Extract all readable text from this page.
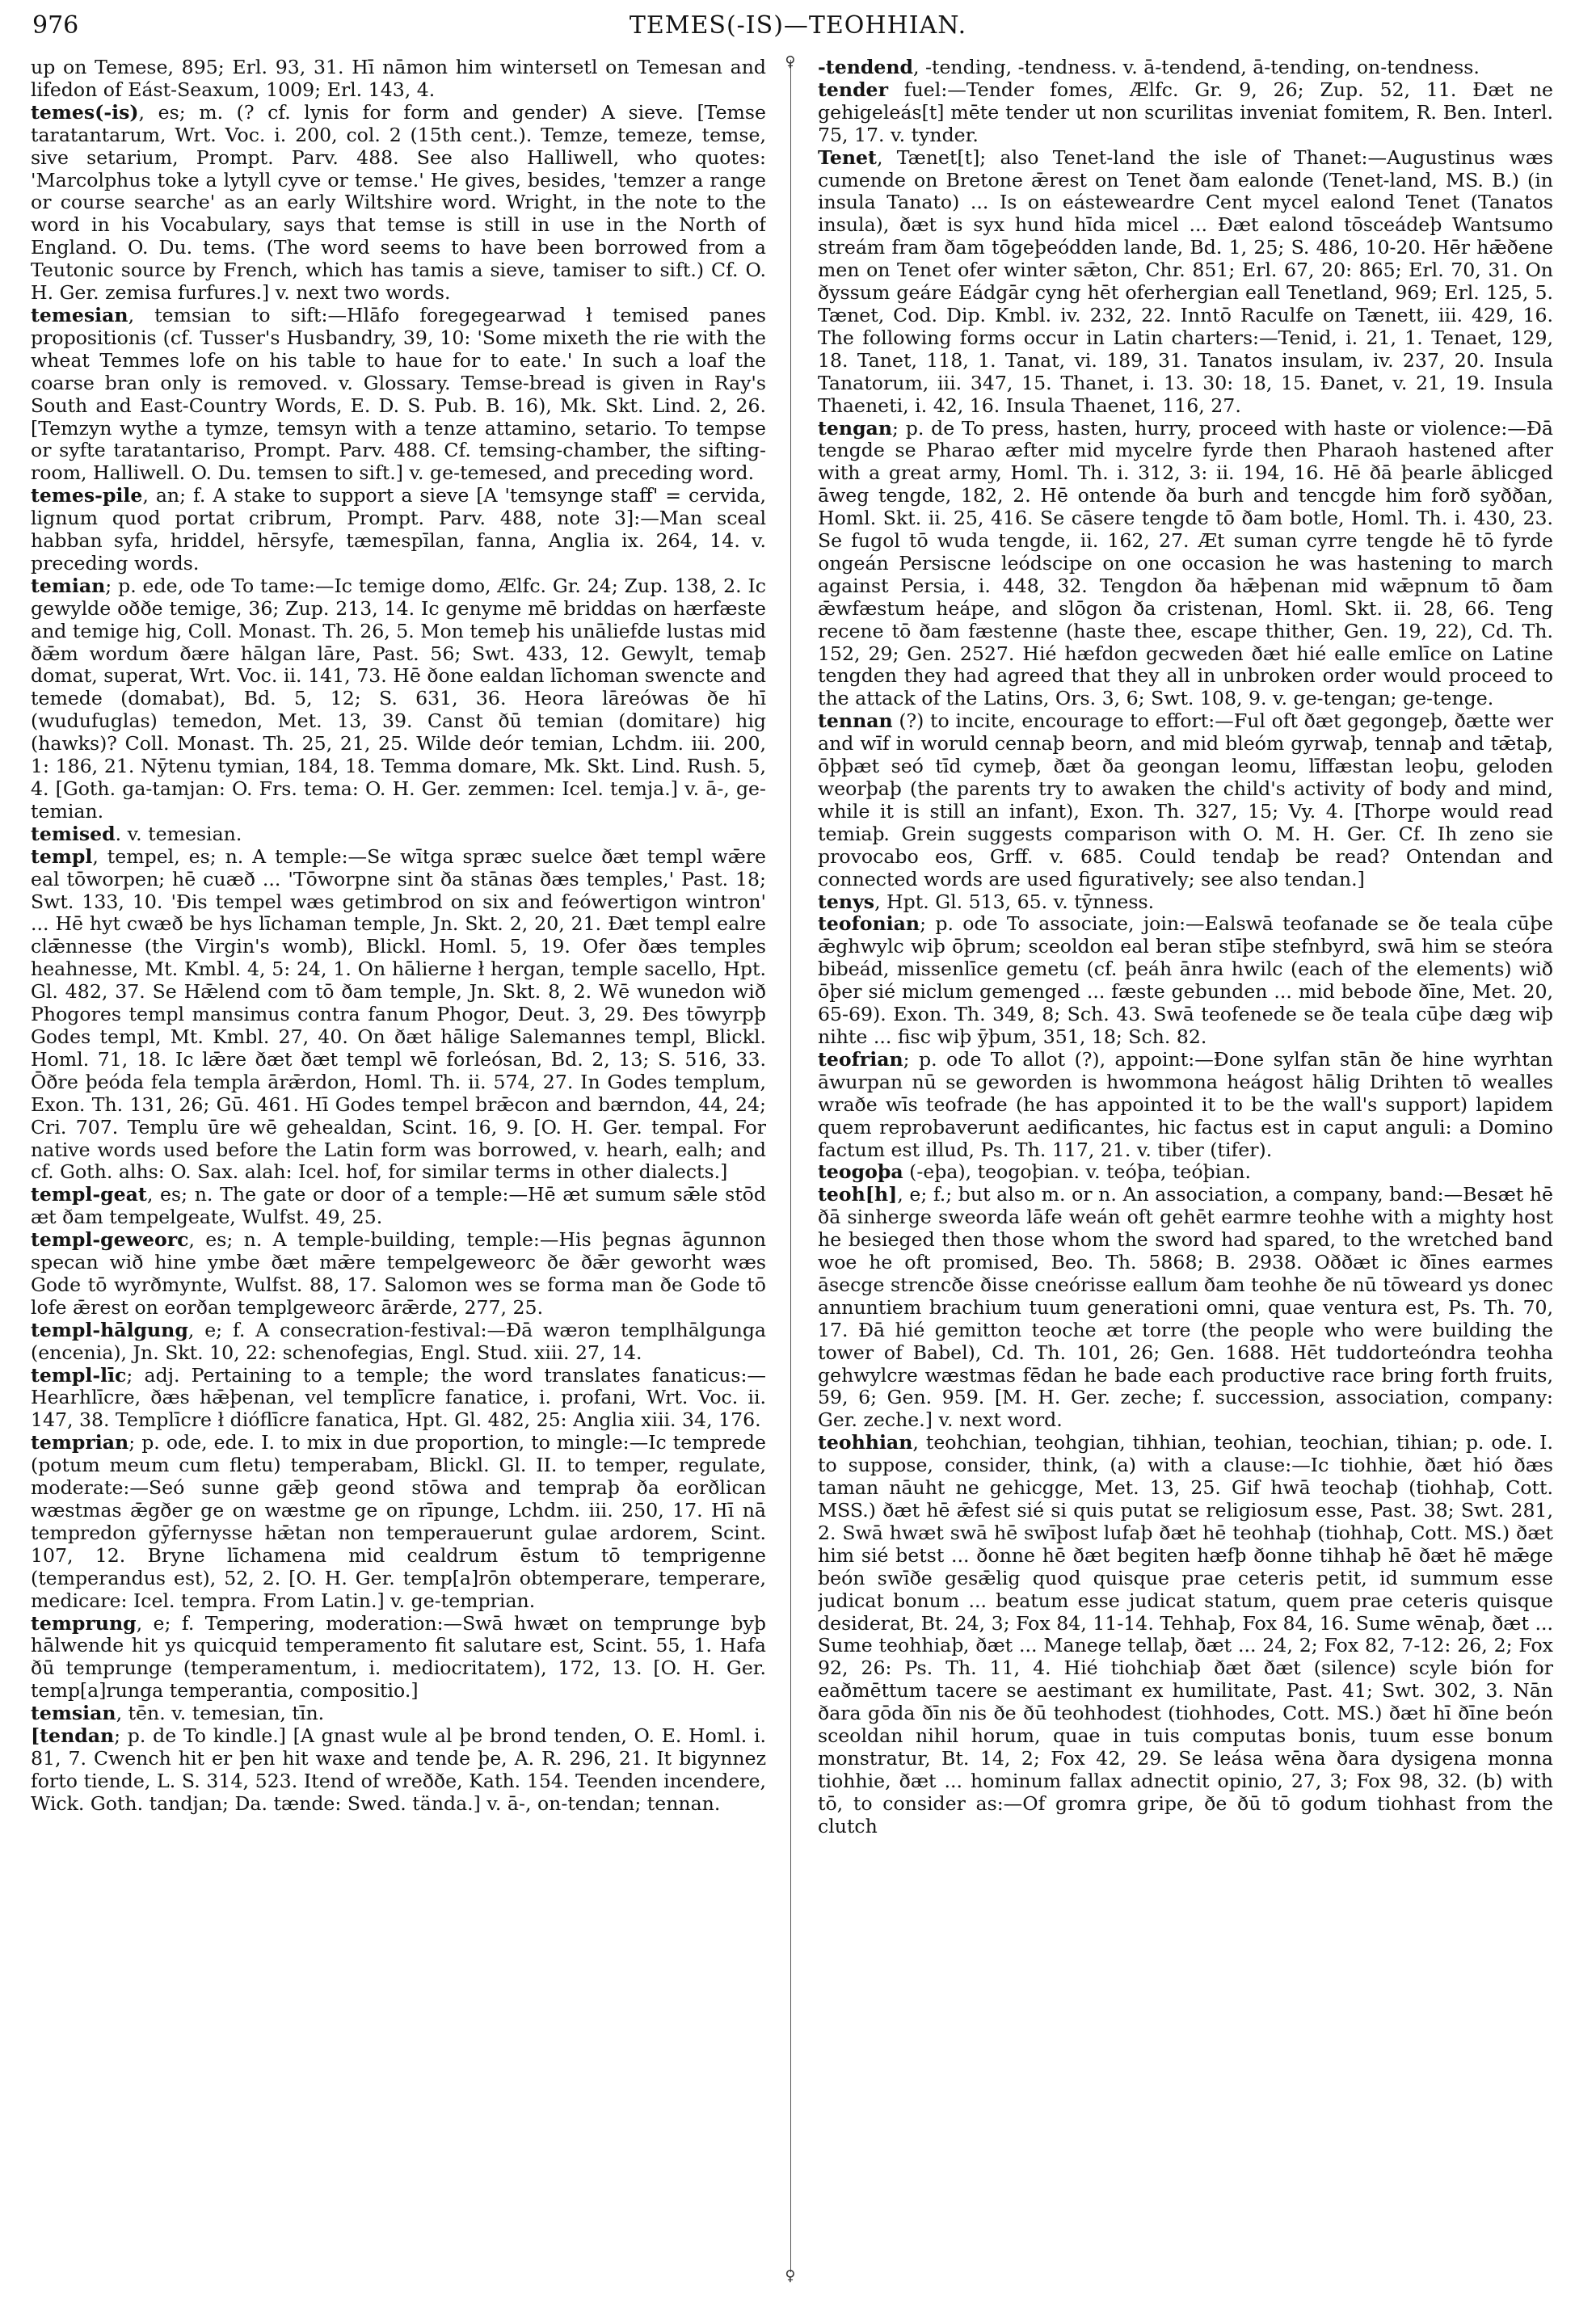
976	TEMES(-IS)—TEOHHIAN.
♀
♀

up on Temese, 895; Erl. 93, 31. Hī nāmon him wintersetl on Temesan and lifedon of Eást-Seaxum, 1009; Erl. 143, 4.

temes(-is), es; m. (? cf. lynis for form and gender) A sieve. [Temse taratantarum, Wrt. Voc. i. 200, col. 2 (15th cent.). Temze, temeze, temse, sive setarium, Prompt. Parv. 488. See also Halliwell, who quotes: 'Marcolphus toke a lytyll cyve or temse.' He gives, besides, 'temzer a range or course searche' as an early Wiltshire word. Wright, in the note to the word in his Vocabulary, says that temse is still in use in the North of England. O. Du. tems. (The word seems to have been borrowed from a Teutonic source by French, which has tamis a sieve, tamiser to sift.) Cf. O. H. Ger. zemisa furfures.] v. next two words.

temesian, temsian to sift:—Hlāfo foregegearwad ł temised panes propositionis (cf. Tusser's Husbandry, 39, 10: 'Some mixeth the rie with the wheat Temmes lofe on his table to haue for to eate.' In such a loaf the coarse bran only is removed. v. Glossary. Temse-bread is given in Ray's South and East-Country Words, E. D. S. Pub. B. 16), Mk. Skt. Lind. 2, 26. [Temzyn wythe a tymze, temsyn with a tenze attamino, setario. To tempse or syfte taratantariso, Prompt. Parv. 488. Cf. temsing-chamber, the sifting-room, Halliwell. O. Du. temsen to sift.] v. ge-temesed, and preceding word.

temes-pile, an; f. A stake to support a sieve [A 'temsynge staff' = cervida, lignum quod portat cribrum, Prompt. Parv. 488, note 3]:—Man sceal habban syfa, hriddel, hērsyfe, tæmespīlan, fanna, Anglia ix. 264, 14. v. preceding words.

temian; p. ede, ode To tame:—Ic temige domo, Ælfc. Gr. 24; Zup. 138, 2. Ic gewylde oððe temige, 36; Zup. 213, 14. Ic genyme mē briddas on hærfæste and temige hig, Coll. Monast. Th. 26, 5. Mon temeþ his unāliefde lustas mid ðǣm wordum ðære hālgan lāre, Past. 56; Swt. 433, 12. Gewylt, temaþ domat, superat, Wrt. Voc. ii. 141, 73. Hē ðone ealdan līchoman swencte and temede (domabat), Bd. 5, 12; S. 631, 36. Heora lāreówas ðe hī (wudufuglas) temedon, Met. 13, 39. Canst ðū temian (domitare) hig (hawks)? Coll. Monast. Th. 25, 21, 25. Wilde deór temian, Lchdm. iii. 200, 1: 186, 21. Nȳtenu tymian, 184, 18. Temma domare, Mk. Skt. Lind. Rush. 5, 4. [Goth. ga-tamjan: O. Frs. tema: O. H. Ger. zemmen: Icel. temja.] v. ā-, ge-temian.

temised. v. temesian.

templ, tempel, es; n. A temple:—Se wītga spræc suelce ðæt templ wǣre eal tōworpen; hē cuæð ... 'Tōworpne sint ða stānas ðæs temples,' Past. 18; Swt. 133, 10. 'Ðis tempel wæs getimbrod on six and feówertigon wintron' ... Hē hyt cwæð be hys līchaman temple, Jn. Skt. 2, 20, 21. Ðæt templ ealre clǣnnesse (the Virgin's womb), Blickl. Homl. 5, 19. Ofer ðæs temples heahnesse, Mt. Kmbl. 4, 5: 24, 1. On hālierne ł hergan, temple sacello, Hpt. Gl. 482, 37. Se Hǣlend com tō ðam temple, Jn. Skt. 8, 2. Wē wunedon wið Phogores templ mansimus contra fanum Phogor, Deut. 3, 29. Ðes tōwyrpþ Godes templ, Mt. Kmbl. 27, 40. On ðæt hālige Salemannes templ, Blickl. Homl. 71, 18. Ic lǣre ðæt ðæt templ wē forleósan, Bd. 2, 13; S. 516, 33. Ōðre þeóda fela templa ārǣrdon, Homl. Th. ii. 574, 27. In Godes templum, Exon. Th. 131, 26; Gū. 461. Hī Godes tempel brǣcon and bærndon, 44, 24; Cri. 707. Templu ūre wē gehealdan, Scint. 16, 9. [O. H. Ger. tempal. For native words used before the Latin form was borrowed, v. hearh, ealh; and cf. Goth. alhs: O. Sax. alah: Icel. hof, for similar terms in other dialects.]

templ-geat, es; n. The gate or door of a temple:—Hē æt sumum sǣle stōd æt ðam tempelgeate, Wulfst. 49, 25.

templ-geweorc, es; n. A temple-building, temple:—His þegnas āgunnon specan wið hine ymbe ðæt mǣre tempelgeweorc ðe ðǣr geworht wæs Gode tō wyrðmynte, Wulfst. 88, 17. Salomon wes se forma man ðe Gode tō lofe ǣrest on eorðan templgeweorc ārǣrde, 277, 25.

templ-hālgung, e; f. A consecration-festival:—Ðā wæron templhālgunga (encenia), Jn. Skt. 10, 22: schenofegias, Engl. Stud. xiii. 27, 14.

templ-līc; adj. Pertaining to a temple; the word translates fanaticus:—Hearhlīcre, ðæs hǣþenan, vel templīcre fanatice, i. profani, Wrt. Voc. ii. 147, 38. Templīcre ł dióflīcre fanatica, Hpt. Gl. 482, 25: Anglia xiii. 34, 176.

temprian; p. ode, ede. I. to mix in due proportion, to mingle:—Ic temprede (potum meum cum fletu) temperabam, Blickl. Gl. II. to temper, regulate, moderate:—Seó sunne gǣþ geond stōwa and tempraþ ða eorðlican wæstmas ǣgðer ge on wæstme ge on rīpunge, Lchdm. iii. 250, 17. Hī nā tempredon gȳfernysse hǣtan non temperauerunt gulae ardorem, Scint. 107, 12. Bryne līchamena mid cealdrum ēstum tō temprigenne (temperandus est), 52, 2. [O. H. Ger. temp[a]rōn obtemperare, temperare, medicare: Icel. tempra. From Latin.] v. ge-temprian.

temprung, e; f. Tempering, moderation:—Swā hwæt on temprunge byþ hālwende hit ys quicquid temperamento fit salutare est, Scint. 55, 1. Hafa ðū temprunge (temperamentum, i. mediocritatem), 172, 13. [O. H. Ger. temp[a]runga temperantia, compositio.]

temsian, tēn. v. temesian, tīn.

[tendan; p. de To kindle.] [A gnast wule al þe brond tenden, O. E. Homl. i. 81, 7. Cwench hit er þen hit waxe and tende þe, A. R. 296, 21. It bigynnez forto tiende, L. S. 314, 523. Itend of wreððe, Kath. 154. Teenden incendere, Wick. Goth. tandjan; Da. tænde: Swed. tända.] v. ā-, on-tendan; tennan.

-tendend, -tending, -tendness. v. ā-tendend, ā-tending, on-tendness.

tender fuel:—Tender fomes, Ælfc. Gr. 9, 26; Zup. 52, 11. Ðæt ne gehigeleás[t] mēte tender ut non scurilitas inveniat fomitem, R. Ben. Interl. 75, 17. v. tynder.

Tenet, Tænet[t]; also Tenet-land the isle of Thanet:—Augustinus wæs cumende on Bretone ǣrest on Tenet ðam ealonde (Tenet-land, MS. B.) (in insula Tanato) ... Is on eásteweardre Cent mycel ealond Tenet (Tanatos insula), ðæt is syx hund hīda micel ... Ðæt ealond tōsceádeþ Wantsumo streám fram ðam tōgeþeódden lande, Bd. 1, 25; S. 486, 10-20. Hēr hǣðene men on Tenet ofer winter sǣton, Chr. 851; Erl. 67, 20: 865; Erl. 70, 31. On ðyssum geáre Eádgār cyng hēt oferhergian eall Tenetland, 969; Erl. 125, 5. Tænet, Cod. Dip. Kmbl. iv. 232, 22. Inntō Raculfe on Tænett, iii. 429, 16. The following forms occur in Latin charters:—Tenid, i. 21, 1. Tenaet, 129, 18. Tanet, 118, 1. Tanat, vi. 189, 31. Tanatos insulam, iv. 237, 20. Insula Tanatorum, iii. 347, 15. Thanet, i. 13. 30: 18, 15. Ðanet, v. 21, 19. Insula Thaeneti, i. 42, 16. Insula Thaenet, 116, 27.

tengan; p. de To press, hasten, hurry, proceed with haste or violence:—Ðā tengde se Pharao æfter mid mycelre fyrde then Pharaoh hastened after with a great army, Homl. Th. i. 312, 3: ii. 194, 16. Hē ðā þearle āblicged āweg tengde, 182, 2. Hē ontende ða burh and tencgde him forð syððan, Homl. Skt. ii. 25, 416. Se cāsere tengde tō ðam botle, Homl. Th. i. 430, 23. Se fugol tō wuda tengde, ii. 162, 27. Æt suman cyrre tengde hē tō fyrde ongeán Persiscne leódscipe on one occasion he was hastening to march against Persia, i. 448, 32. Tengdon ða hǣþenan mid wǣpnum tō ðam ǣwfæstum heápe, and slōgon ða cristenan, Homl. Skt. ii. 28, 66. Teng recene tō ðam fæstenne (haste thee, escape thither, Gen. 19, 22), Cd. Th. 152, 29; Gen. 2527. Hié hæfdon gecweden ðæt hié ealle emlīce on Latine tengden they had agreed that they all in unbroken order would proceed to the attack of the Latins, Ors. 3, 6; Swt. 108, 9. v. ge-tengan; ge-tenge.

tennan (?) to incite, encourage to effort:—Ful oft ðæt gegongeþ, ðætte wer and wīf in woruld cennaþ beorn, and mid bleóm gyrwaþ, tennaþ and tǣtaþ, ōþþæt seó tīd cymeþ, ðæt ða geongan leomu, līffæstan leoþu, geloden weorþaþ (the parents try to awaken the child's activity of body and mind, while it is still an infant), Exon. Th. 327, 15; Vy. 4. [Thorpe would read temiaþ. Grein suggests comparison with O. M. H. Ger. Cf. Ih zeno sie provocabo eos, Grff. v. 685. Could tendaþ be read? Ontendan and connected words are used figuratively; see also tendan.]

tenys, Hpt. Gl. 513, 65. v. tȳnness.

teofonian; p. ode To associate, join:—Ealswā teofanade se ðe teala cūþe ǣghwylc wiþ ōþrum; sceoldon eal beran stīþe stefnbyrd, swā him se steóra bibeád, missenlīce gemetu (cf. þeáh ānra hwilc (each of the elements) wið ōþer sié miclum gemenged ... fæste gebunden ... mid bebode ðīne, Met. 20, 65-69). Exon. Th. 349, 8; Sch. 43. Swā teofenede se ðe teala cūþe dæg wiþ nihte ... fisc wiþ ȳþum, 351, 18; Sch. 82.

teofrian; p. ode To allot (?), appoint:—Ðone sylfan stān ðe hine wyrhtan āwurpan nū se geworden is hwommona heágost hālig Drihten tō wealles wraðe wīs teofrade (he has appointed it to be the wall's support) lapidem quem reprobaverunt aedificantes, hic factus est in caput anguli: a Domino factum est illud, Ps. Th. 117, 21. v. tiber (tifer).

teogoþa (-eþa), teogoþian. v. teóþa, teóþian.

teoh[h], e; f.; but also m. or n. An association, a company, band:—Besæt hē ðā sinherge sweorda lāfe weán oft gehēt earmre teohhe with a mighty host he besieged then those whom the sword had spared, to the wretched band woe he oft promised, Beo. Th. 5868; B. 2938. Oððæt ic ðīnes earmes āsecge strencðe ðisse cneórisse eallum ðam teohhe ðe nū tōweard ys donec annuntiem brachium tuum generationi omni, quae ventura est, Ps. Th. 70, 17. Ðā hié gemitton teoche æt torre (the people who were building the tower of Babel), Cd. Th. 101, 26; Gen. 1688. Hēt tuddorteóndra teohha gehwylcre wæstmas fēdan he bade each productive race bring forth fruits, 59, 6; Gen. 959. [M. H. Ger. zeche; f. succession, association, company: Ger. zeche.] v. next word.

teohhian, teohchian, teohgian, tihhian, teohian, teochian, tihian; p. ode. I. to suppose, consider, think, (a) with a clause:—Ic tiohhie, ðæt hió ðæs taman nāuht ne gehicgge, Met. 13, 25. Gif hwā teochaþ (tiohhaþ, Cott. MSS.) ðæt hē ǣfest sié si quis putat se religiosum esse, Past. 38; Swt. 281, 2. Swā hwæt swā hē swīþost lufaþ ðæt hē teohhaþ (tiohhaþ, Cott. MS.) ðæt him sié betst ... ðonne hē ðæt begiten hæfþ ðonne tihhaþ hē ðæt hē mǣge beón swīðe gesǣlig quod quisque prae ceteris petit, id summum esse judicat bonum ... beatum esse judicat statum, quem prae ceteris quisque desiderat, Bt. 24, 3; Fox 84, 11-14. Tehhaþ, Fox 84, 16. Sume wēnaþ, ðæt ... Sume teohhiaþ, ðæt ... Manege tellaþ, ðæt ... 24, 2; Fox 82, 7-12: 26, 2; Fox 92, 26: Ps. Th. 11, 4. Hié tiohchiaþ ðæt ðæt (silence) scyle bión for eaðmēttum tacere se aestimant ex humilitate, Past. 41; Swt. 302, 3. Nān ðara gōda ðīn nis ðe ðū teohhodest (tiohhodes, Cott. MS.) ðæt hī ðīne beón sceoldan nihil horum, quae in tuis computas bonis, tuum esse bonum monstratur, Bt. 14, 2; Fox 42, 29. Se leása wēna ðara dysigena monna tiohhie, ðæt ... hominum fallax adnectit opinio, 27, 3; Fox 98, 32. (b) with tō, to consider as:—Of gromra gripe, ðe ðū tō godum tiohhast from the clutch
